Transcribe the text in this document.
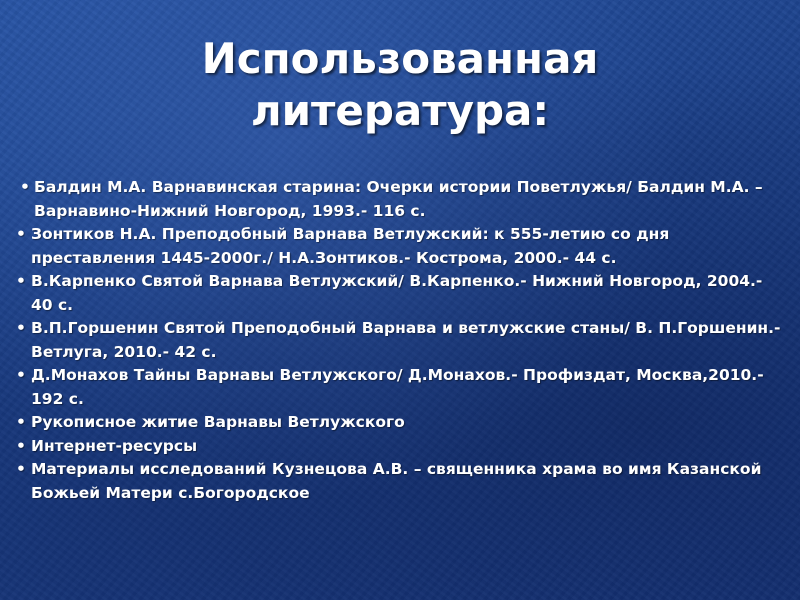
Использованная
литература:
• Балдин М.А. Варнавинская старина: Очерки истории Поветлужья/ Балдин М.А. – Варнавино-Нижний Новгород, 1993.- 116 с.
• Зонтиков Н.А. Преподобный Варнава Ветлужский: к 555-летию со дня преставления 1445-2000г./ Н.А.Зонтиков.- Кострома, 2000.- 44 с.
• В.Карпенко Святой Варнава Ветлужский/ В.Карпенко.- Нижний Новгород, 2004.- 40 с.
• В.П.Горшенин Святой Преподобный Варнава и ветлужские станы/ В. П.Горшенин.- Ветлуга, 2010.- 42 с.
• Д.Монахов Тайны Варнавы Ветлужского/ Д.Монахов.- Профиздат, Москва,2010.- 192 с.
• Рукописное житие Варнавы Ветлужского
• Интернет-ресурсы
• Материалы исследований Кузнецова А.В. – священника храма во имя Казанской Божьей Матери с.Богородское
